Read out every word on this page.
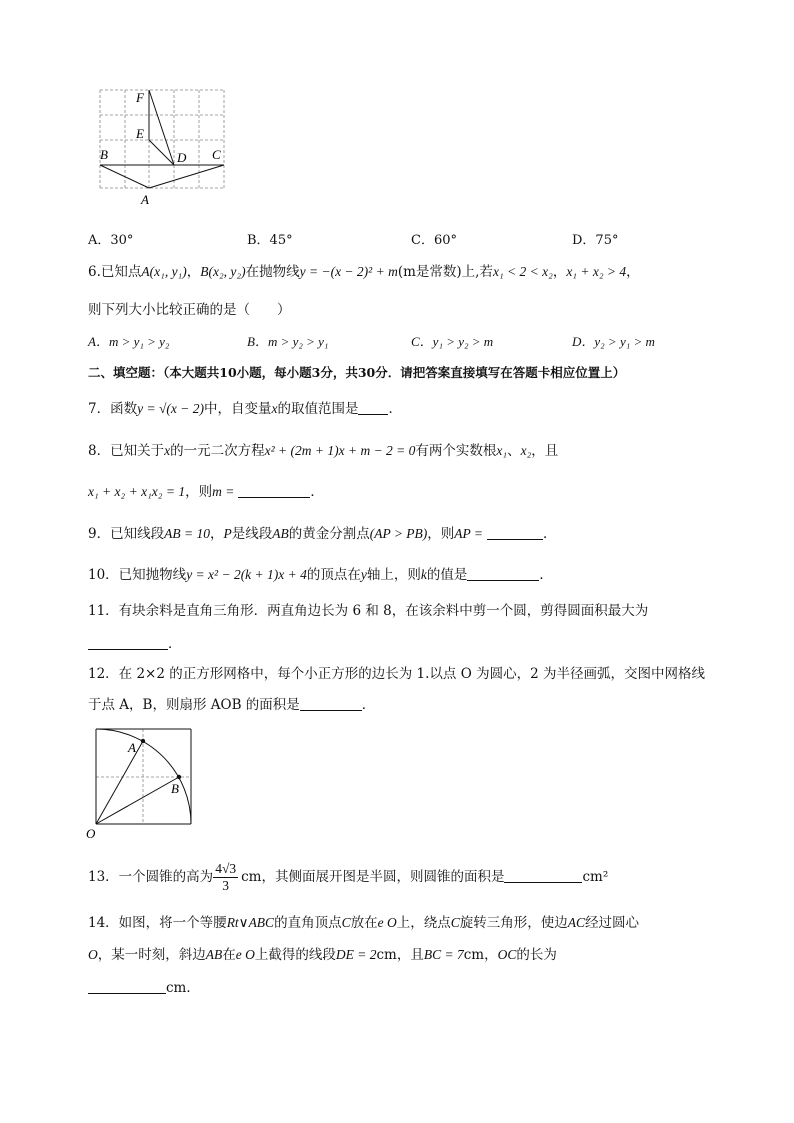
F
E
D
B	C
A
A．30°	B．45°	C．60°	D．75°
6.已知点A(x₁, y₁)，B(x₂, y₂)在抛物线y = −(x − 2)² + m(m是常数)上,若x₁ < 2 < x₂，x₁ + x₂ > 4，
则下列大小比较正确的是（　　）
A．m > y₁ > y₂	B．m > y₂ > y₁	C．y₁ > y₂ > m	D．y₂ > y₁ > m
二、填空题：（本大题共10小题，每小题3分，共30分．请把答案直接填写在答题卡相应位置上）
7．函数y = √(x − 2)中，自变量x的取值范围是 ．
8．已知关于x的一元二次方程x² + (2m + 1)x + m − 2 = 0有两个实数根x₁、x₂，且
x₁ + x₂ + x₁x₂ = 1，则m =	．
9．已知线段AB = 10，P是线段AB的黄金分割点(AP > PB)，则AP =	．
10．已知抛物线y = x² − 2(k + 1)x + 4的顶点在y轴上，则k的值是	．
11．有块余料是直角三角形．两直角边长为 6 和 8，在该余料中剪一个圆，剪得圆面积最大为
．
12．在 2×2 的正方形网格中，每个小正方形的边长为 1.以点 O 为圆心，2 为半径画弧，交图中网格线
于点 A，B，则扇形 AOB 的面积是	．
A
B
O
13．一个圆锥的高为 $\frac{4√3}{3}$ cm，其侧面展开图是半圆，则圆锥的面积是	cm²
14．如图，将一个等腰Rt∨ABC的直角顶点C放在e O上，绕点C旋转三角形，使边AC经过圆心
O，某一时刻，斜边AB在e O上截得的线段DE = 2cm，且BC = 7cm，OC的长为
cm．
